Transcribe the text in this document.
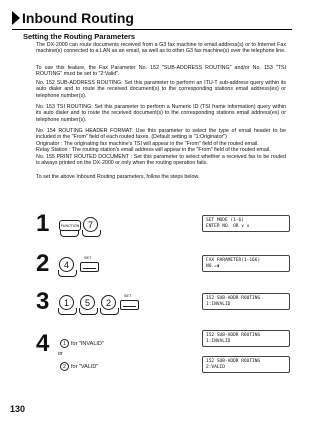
Inbound Routing
Setting the Routing Parameters
The DX-2000 can route documents received from a G3 fax machine to email address(s) or to Internet Fax machine(s) connected to a LAN as an email, as well as to other G3 fax machine(s) over the telephone line.
To use this feature, the Fax Parameter No. 152 "SUB-ADDRESS ROUTING" and/or No. 153 "TSI ROUTING" must be set to "2:Valid".
No. 152 SUB-ADDRESS ROUTING: Set this parameter to perform an ITU-T sub-address query within its auto dialer and to route the received document(s) to the corresponding stations email address(es) or telephone number(s).
No. 153 TSI ROUTING: Set this parameter to perform a Numeric ID (TSI frame information) query within its auto dialer and to route the received document(s) to the corresponding stations email address(es) or telephone number(s).
No. 154 ROUTING HEADER FORMAT: Use this parameter to select the type of email header to be included in the "From" field of each routed faxes. (Default setting is "1:Originator")
Originator : The originating fax machine's TSI will appear in the "From" field of the routed email.
Relay Station : The routing station's email address will appear in the "From" field of the routed email.
No. 155 PRINT ROUTED DOCUMENT : Set this parameter to select whether a received fax to be routed is always printed on the DX-2000 or only when the routing operation fails.
To set the above Inbound Routing parameters, follow the steps below.
1	FUNCTION 7	SET MODE (1-6)
ENTER NO. OR ∨ ∧
2	4
SET	FAX PARAMETER(1-166)
NO.=▮
3	1	5	2
SET	152 SUB-ADDR ROUTING
1:INVALID
4	1 for "INVALID"
or
2 for "VALID"
152 SUB-ADDR ROUTING
1:INVALID
152 SUB-ADDR ROUTING
2:VALID
130
